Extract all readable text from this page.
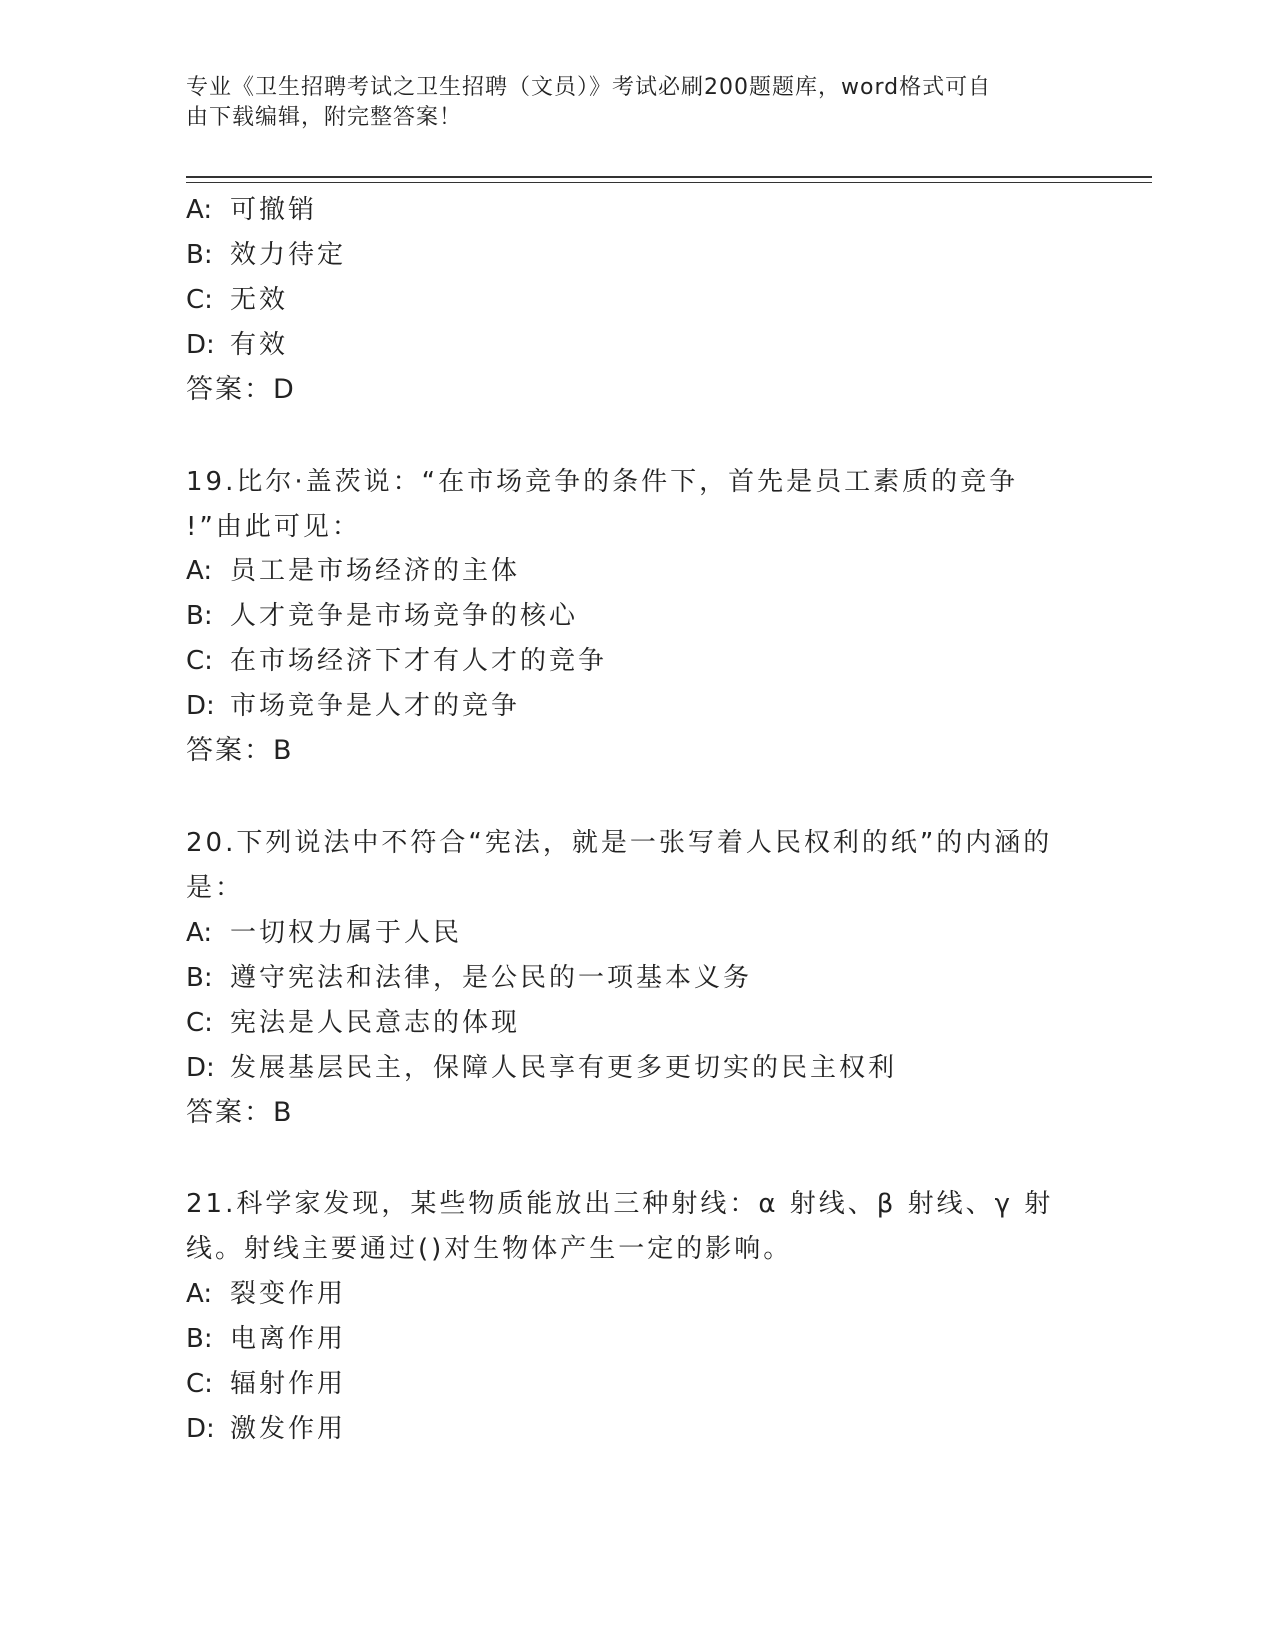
专业《卫生招聘考试之卫生招聘（文员）》考试必刷200题题库，word格式可自
由下载编辑，附完整答案！
A: 可撤销
B: 效力待定
C: 无效
D: 有效
答案：D
19.比尔·盖茨说：“在市场竞争的条件下，首先是员工素质的竞争
!”由此可见：
A: 员工是市场经济的主体
B: 人才竞争是市场竞争的核心
C: 在市场经济下才有人才的竞争
D: 市场竞争是人才的竞争
答案：B
20.下列说法中不符合“宪法，就是一张写着人民权利的纸”的内涵的
是：
A: 一切权力属于人民
B: 遵守宪法和法律，是公民的一项基本义务
C: 宪法是人民意志的体现
D: 发展基层民主，保障人民享有更多更切实的民主权利
答案：B
21.科学家发现，某些物质能放出三种射线：α 射线、β 射线、γ 射
线。射线主要通过()对生物体产生一定的影响。
A: 裂变作用
B: 电离作用
C: 辐射作用
D: 激发作用
